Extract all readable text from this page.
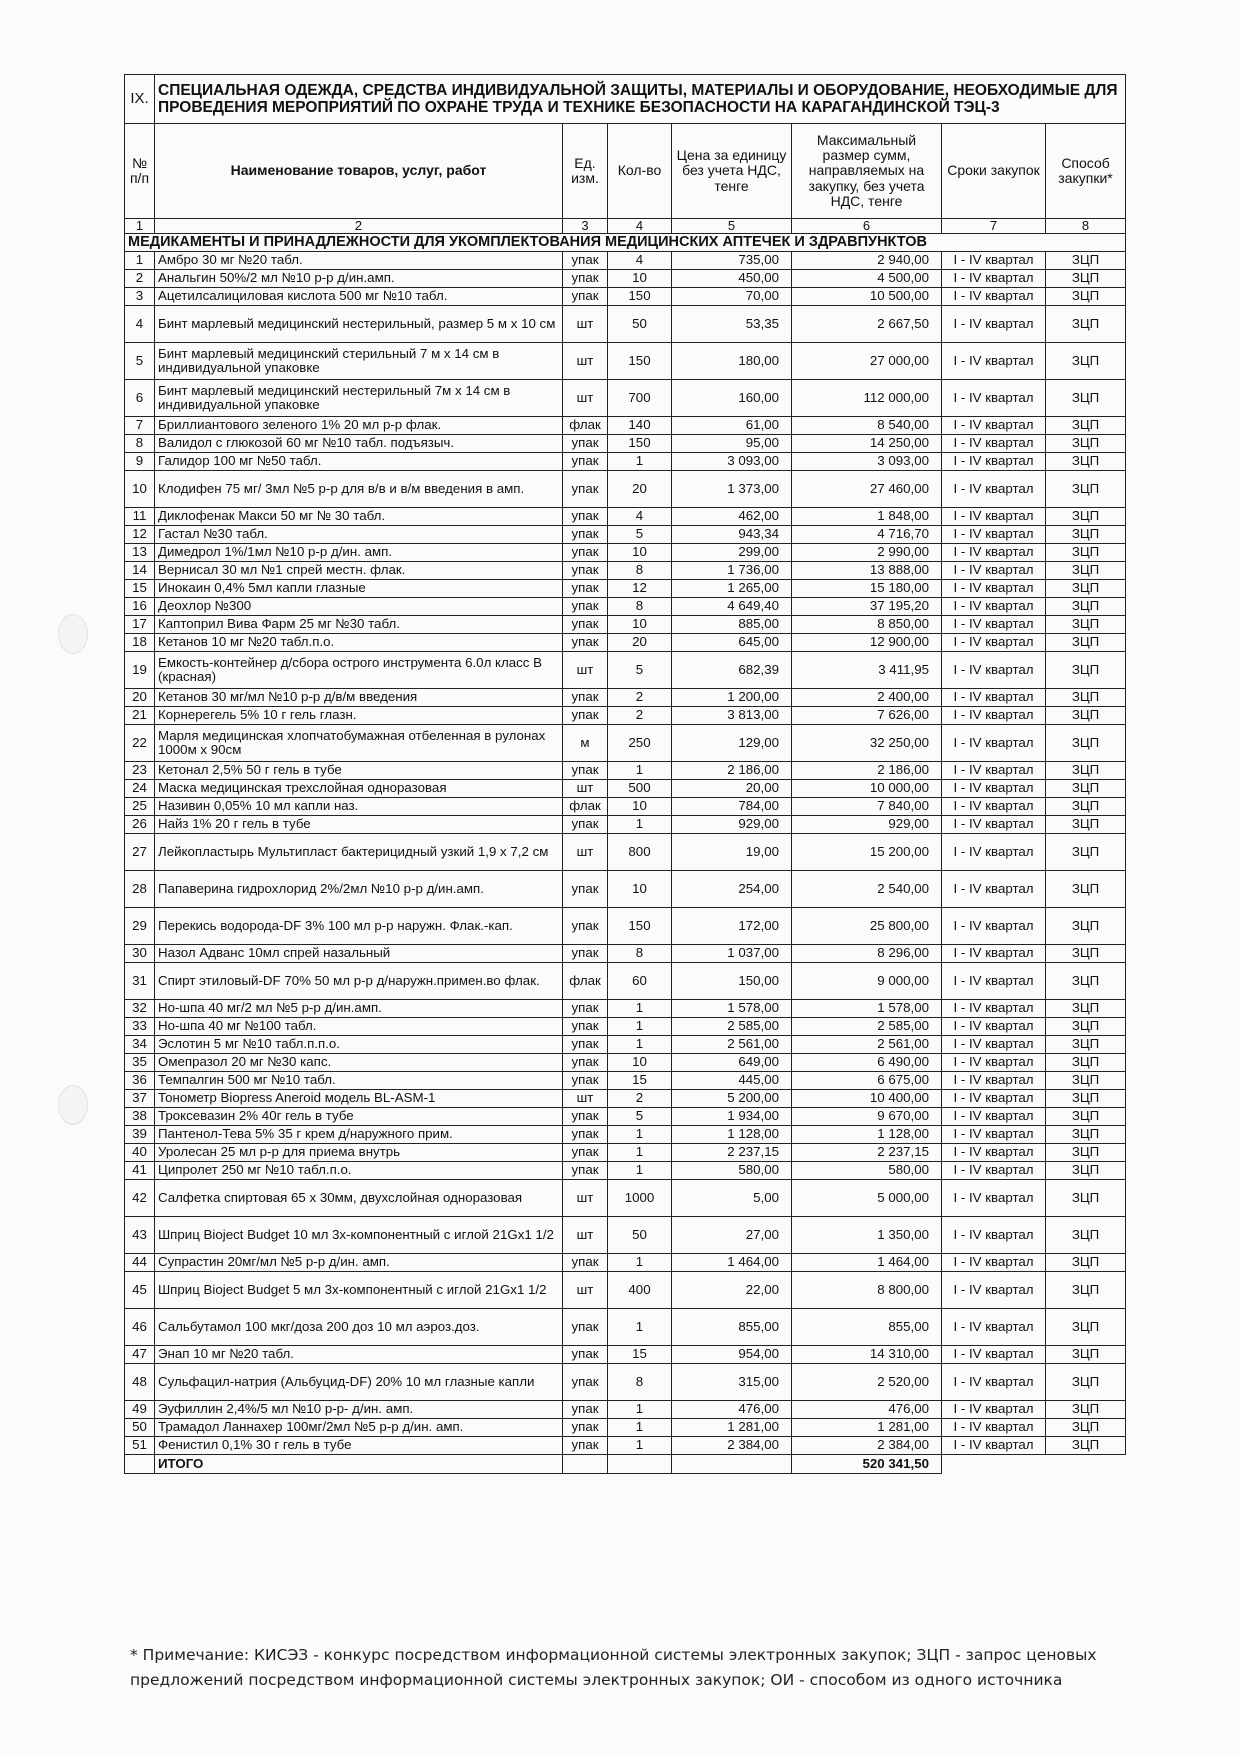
IX.	СПЕЦИАЛЬНАЯ ОДЕЖДА, СРЕДСТВА ИНДИВИДУАЛЬНОЙ ЗАЩИТЫ, МАТЕРИАЛЫ И ОБОРУДОВАНИЕ, НЕОБХОДИМЫЕ ДЛЯ ПРОВЕДЕНИЯ МЕРОПРИЯТИЙ ПО ОХРАНЕ ТРУДА И ТЕХНИКЕ БЕЗОПАСНОСТИ НА КАРАГАНДИНСКОЙ ТЭЦ-3						
№ п/п	Наименование товаров, услуг, работ	Ед. изм.	Кол-во	Цена за единицу без учета НДС, тенге	Максимальный размер сумм, направляемых на закупку, без учета НДС, тенге	Сроки закупок	Способ закупки*
1	2	3	4	5	6	7	8
МЕДИКАМЕНТЫ И ПРИНАДЛЕЖНОСТИ ДЛЯ УКОМПЛЕКТОВАНИЯ МЕДИЦИНСКИХ АПТЕЧЕК И ЗДРАВПУНКТОВ							
1	Амбро 30 мг №20 табл.	упак	4	735,00	2 940,00	I - IV квартал	ЗЦП
2	Анальгин 50%/2 мл №10 р-р д/ин.амп.	упак	10	450,00	4 500,00	I - IV квартал	ЗЦП
3	Ацетилсалициловая кислота 500 мг №10 табл.	упак	150	70,00	10 500,00	I - IV квартал	ЗЦП
4	Бинт марлевый медицинский нестерильный, размер 5 м х 10 см	шт	50	53,35	2 667,50	I - IV квартал	ЗЦП
5	Бинт марлевый медицинский стерильный 7 м х 14 см в индивидуальной упаковке	шт	150	180,00	27 000,00	I - IV квартал	ЗЦП
6	Бинт марлевый медицинский нестерильный 7м х 14 см в индивидуальной упаковке	шт	700	160,00	112 000,00	I - IV квартал	ЗЦП
7	Бриллиантового зеленого 1% 20 мл р-р флак.	флак	140	61,00	8 540,00	I - IV квартал	ЗЦП
8	Валидол с глюкозой 60 мг №10 табл. подъязыч.	упак	150	95,00	14 250,00	I - IV квартал	ЗЦП
9	Галидор 100 мг №50 табл.	упак	1	3 093,00	3 093,00	I - IV квартал	ЗЦП
10	Клодифен 75 мг/ 3мл №5 р-р для в/в и в/м введения в амп.	упак	20	1 373,00	27 460,00	I - IV квартал	ЗЦП
11	Диклофенак Макси 50 мг № 30 табл.	упак	4	462,00	1 848,00	I - IV квартал	ЗЦП
12	Гастал №30 табл.	упак	5	943,34	4 716,70	I - IV квартал	ЗЦП
13	Димедрол 1%/1мл №10 р-р д/ин. амп.	упак	10	299,00	2 990,00	I - IV квартал	ЗЦП
14	Вернисал 30 мл №1 спрей местн. флак.	упак	8	1 736,00	13 888,00	I - IV квартал	ЗЦП
15	Инокаин 0,4% 5мл капли глазные	упак	12	1 265,00	15 180,00	I - IV квартал	ЗЦП
16	Деохлор №300	упак	8	4 649,40	37 195,20	I - IV квартал	ЗЦП
17	Каптоприл Вива Фарм 25 мг №30 табл.	упак	10	885,00	8 850,00	I - IV квартал	ЗЦП
18	Кетанов 10 мг №20 табл.п.о.	упак	20	645,00	12 900,00	I - IV квартал	ЗЦП
19	Емкость-контейнер д/сбора острого инструмента 6.0л класс В (красная)	шт	5	682,39	3 411,95	I - IV квартал	ЗЦП
20	Кетанов 30 мг/мл №10 р-р д/в/м введения	упак	2	1 200,00	2 400,00	I - IV квартал	ЗЦП
21	Корнерегель 5% 10 г гель глазн.	упак	2	3 813,00	7 626,00	I - IV квартал	ЗЦП
22	Марля медицинская хлопчатобумажная отбеленная в рулонах 1000м х 90см	м	250	129,00	32 250,00	I - IV квартал	ЗЦП
23	Кетонал 2,5% 50 г гель в тубе	упак	1	2 186,00	2 186,00	I - IV квартал	ЗЦП
24	Маска медицинская трехслойная одноразовая	шт	500	20,00	10 000,00	I - IV квартал	ЗЦП
25	Називин 0,05% 10 мл капли наз.	флак	10	784,00	7 840,00	I - IV квартал	ЗЦП
26	Найз 1% 20 г гель в тубе	упак	1	929,00	929,00	I - IV квартал	ЗЦП
27	Лейкопластырь Мультипласт бактерицидный узкий 1,9 х 7,2 см	шт	800	19,00	15 200,00	I - IV квартал	ЗЦП
28	Папаверина гидрохлорид 2%/2мл №10 р-р д/ин.амп.	упак	10	254,00	2 540,00	I - IV квартал	ЗЦП
29	Перекись водорода-DF 3% 100 мл р-р наружн. Флак.-кап.	упак	150	172,00	25 800,00	I - IV квартал	ЗЦП
30	Назол Адванс 10мл спрей назальный	упак	8	1 037,00	8 296,00	I - IV квартал	ЗЦП
31	Спирт этиловый-DF 70% 50 мл р-р д/наружн.примен.во флак.	флак	60	150,00	9 000,00	I - IV квартал	ЗЦП
32	Но-шпа 40 мг/2 мл №5 р-р д/ин.амп.	упак	1	1 578,00	1 578,00	I - IV квартал	ЗЦП
33	Но-шпа 40 мг №100 табл.	упак	1	2 585,00	2 585,00	I - IV квартал	ЗЦП
34	Эслотин 5 мг №10 табл.п.п.о.	упак	1	2 561,00	2 561,00	I - IV квартал	ЗЦП
35	Омепразол 20 мг №30 капс.	упак	10	649,00	6 490,00	I - IV квартал	ЗЦП
36	Темпалгин 500 мг №10 табл.	упак	15	445,00	6 675,00	I - IV квартал	ЗЦП
37	Тонометр Biopress Aneroid модель BL-ASM-1	шт	2	5 200,00	10 400,00	I - IV квартал	ЗЦП
38	Троксевазин 2% 40г гель в тубе	упак	5	1 934,00	9 670,00	I - IV квартал	ЗЦП
39	Пантенол-Тева 5% 35 г крем д/наружного прим.	упак	1	1 128,00	1 128,00	I - IV квартал	ЗЦП
40	Уролесан 25 мл р-р для приема внутрь	упак	1	2 237,15	2 237,15	I - IV квартал	ЗЦП
41	Ципролет 250 мг №10 табл.п.о.	упак	1	580,00	580,00	I - IV квартал	ЗЦП
42	Салфетка спиртовая 65 х 30мм, двухслойная одноразовая	шт	1000	5,00	5 000,00	I - IV квартал	ЗЦП
43	Шприц Bioject Budget 10 мл 3х-компонентный с иглой 21Gx1 1/2	шт	50	27,00	1 350,00	I - IV квартал	ЗЦП
44	Супрастин 20мг/мл №5 р-р д/ин. амп.	упак	1	1 464,00	1 464,00	I - IV квартал	ЗЦП
45	Шприц Bioject Budget 5 мл 3х-компонентный с иглой 21Gx1 1/2	шт	400	22,00	8 800,00	I - IV квартал	ЗЦП
46	Сальбутамол 100 мкг/доза 200 доз 10 мл аэроз.доз.	упак	1	855,00	855,00	I - IV квартал	ЗЦП
47	Энап 10 мг №20 табл.	упак	15	954,00	14 310,00	I - IV квартал	ЗЦП
48	Сульфацил-натрия (Альбуцид-DF) 20% 10 мл глазные капли	упак	8	315,00	2 520,00	I - IV квартал	ЗЦП
49	Эуфиллин 2,4%/5 мл №10 р-р- д/ин. амп.	упак	1	476,00	476,00	I - IV квартал	ЗЦП
50	Трамадол Ланнахер 100мг/2мл №5 р-р д/ин. амп.	упак	1	1 281,00	1 281,00	I - IV квартал	ЗЦП
51	Фенистил 0,1% 30 г гель в тубе	упак	1	2 384,00	2 384,00	I - IV квартал	ЗЦП
	ИТОГО				520 341,50		
* Примечание: КИСЭЗ - конкурс посредством информационной системы электронных закупок; ЗЦП - запрос ценовых предложений посредством информационной системы электронных закупок; ОИ - способом из одного источника
